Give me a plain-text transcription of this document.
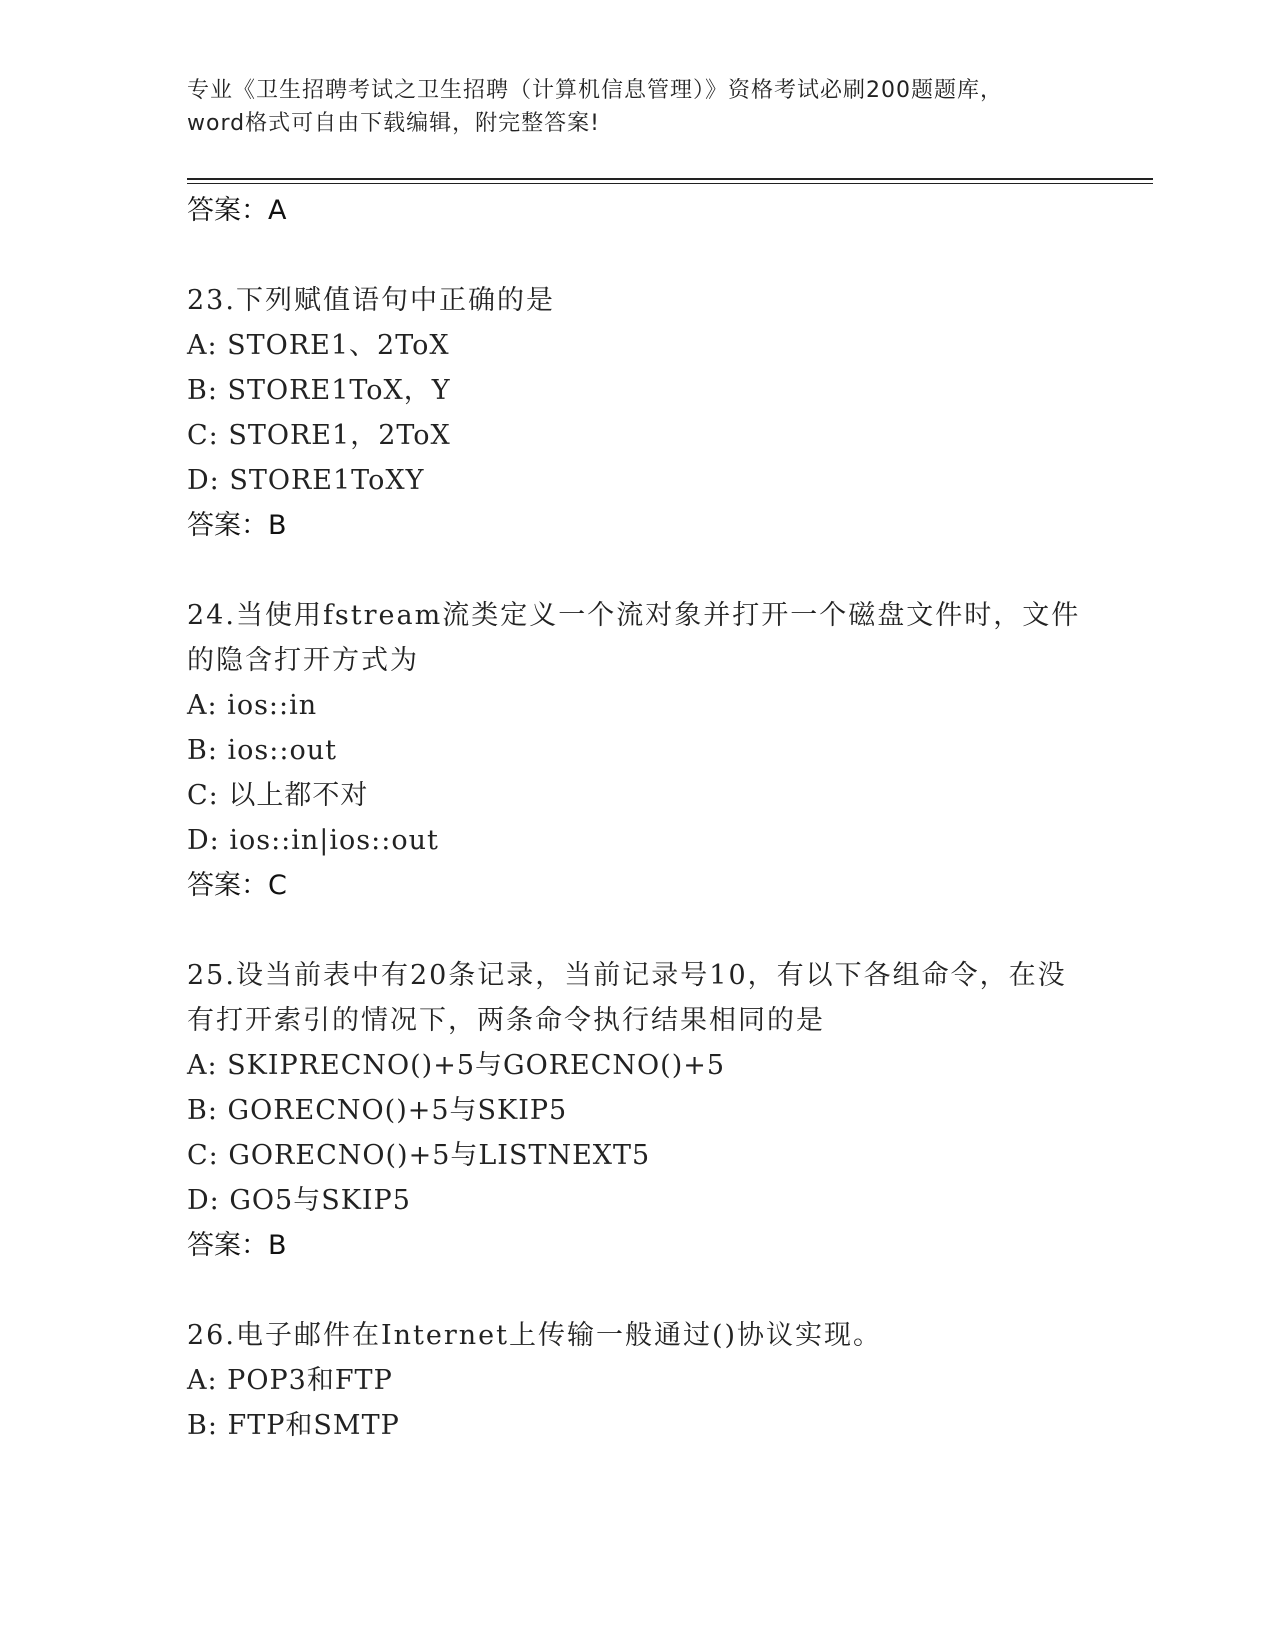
专业《卫生招聘考试之卫生招聘（计算机信息管理）》资格考试必刷200题题库，
word格式可自由下载编辑，附完整答案!

答案：A

23.下列赋值语句中正确的是

A: STORE1、2ToX

B: STORE1ToX，Y

C: STORE1，2ToX

D: STORE1ToXY

答案：B

24.当使用fstream流类定义一个流对象并打开一个磁盘文件时，文件的隐含打开方式为

A: ios::in

B: ios::out

C: 以上都不对

D: ios::in|ios::out

答案：C

25.设当前表中有20条记录，当前记录号10，有以下各组命令，在没有打开索引的情况下，两条命令执行结果相同的是

A: SKIPRECNO()+5与GORECNO()+5

B: GORECNO()+5与SKIP5

C: GORECNO()+5与LISTNEXT5

D: GO5与SKIP5

答案：B

26.电子邮件在Internet上传输一般通过()协议实现。

A: POP3和FTP

B: FTP和SMTP
